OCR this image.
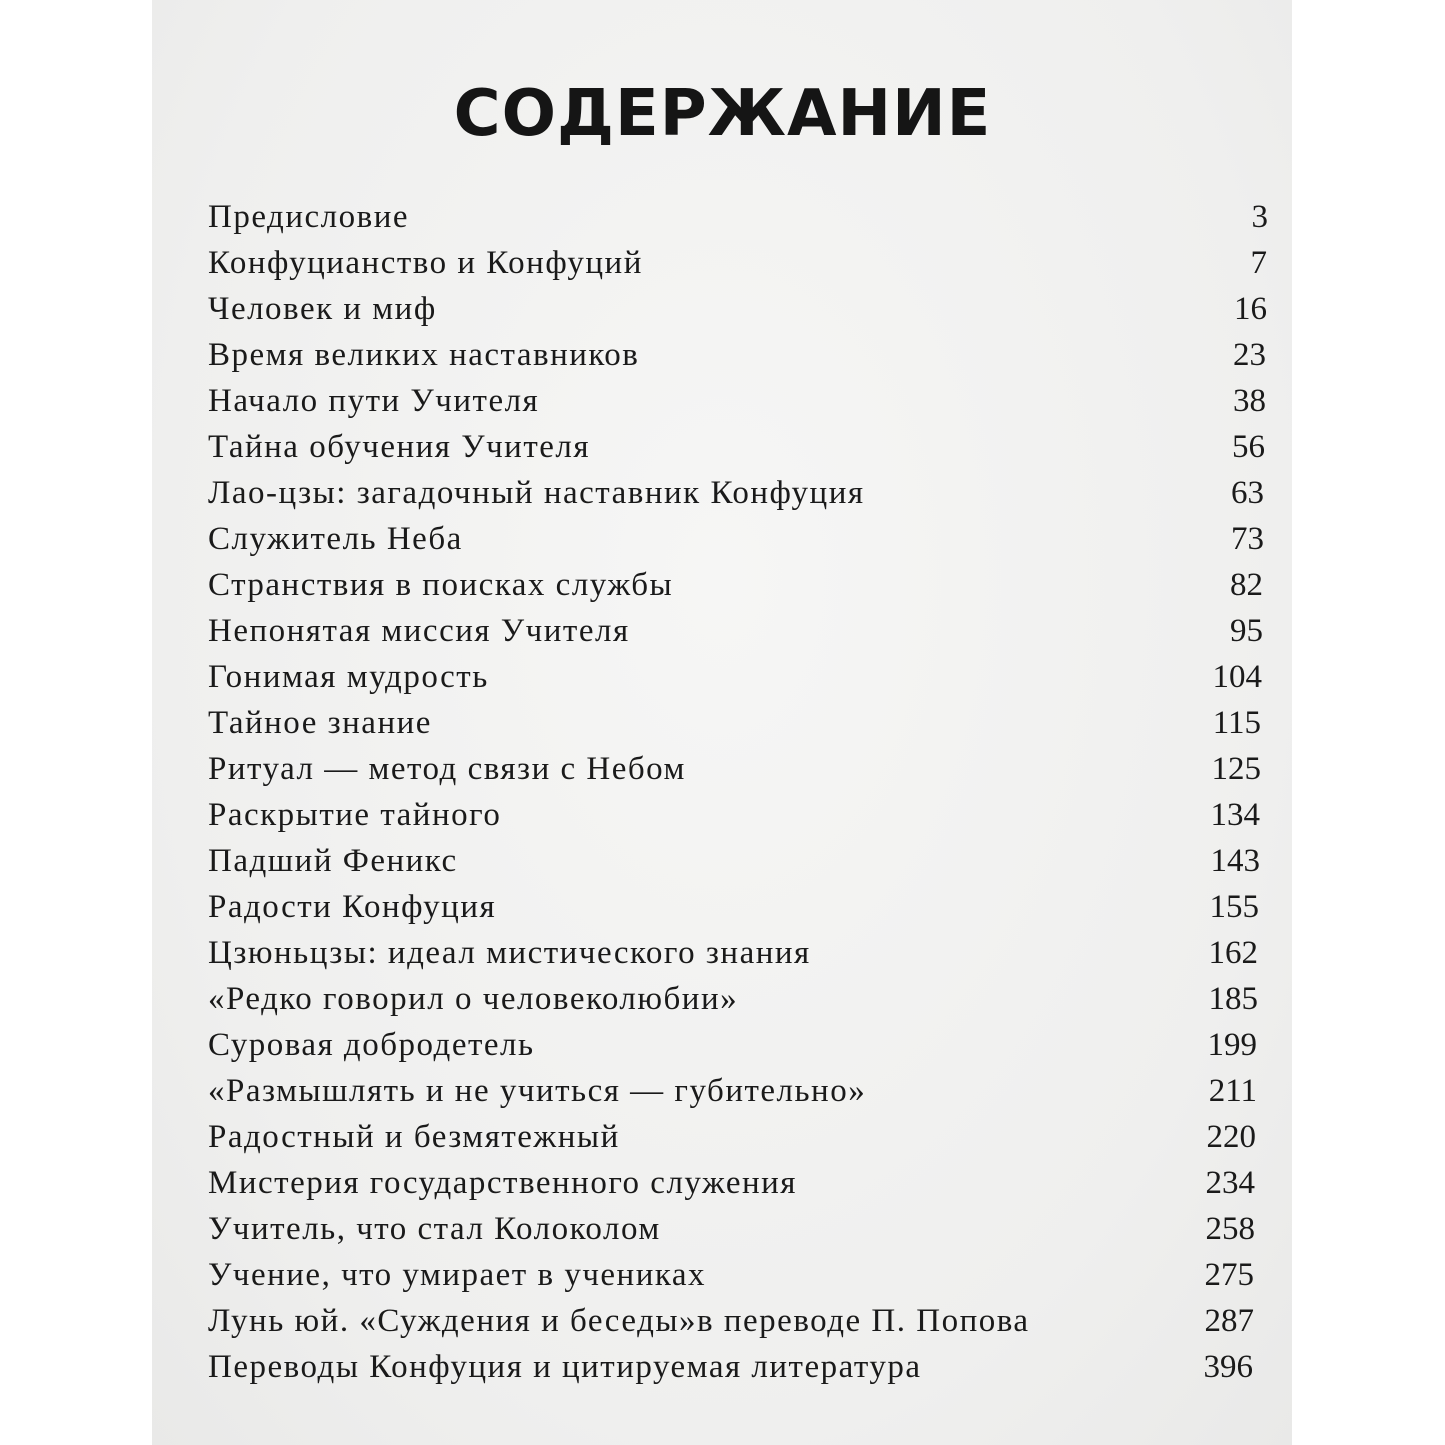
СОДЕРЖАНИЕ
Предисловие	3
Конфуцианство и Конфуций	7
Человек и миф	16
Время великих наставников	23
Начало пути Учителя	38
Тайна обучения Учителя	56
Лао-цзы: загадочный наставник Конфуция	63
Служитель Неба	73
Странствия в поисках службы	82
Непонятая миссия Учителя	95
Гонимая мудрость	104
Тайное знание	115
Ритуал — метод связи с Небом	125
Раскрытие тайного	134
Падший Феникс	143
Радости Конфуция	155
Цзюньцзы: идеал мистического знания	162
«Редко говорил о человеколюбии»	185
Суровая добродетель	199
«Размышлять и не учиться — губительно»	211
Радостный и безмятежный	220
Мистерия государственного служения	234
Учитель, что стал Колоколом	258
Учение, что умирает в учениках	275
Лунь юй. «Суждения и беседы»в переводе П. Попова	287
Переводы Конфуция и цитируемая литература	396
